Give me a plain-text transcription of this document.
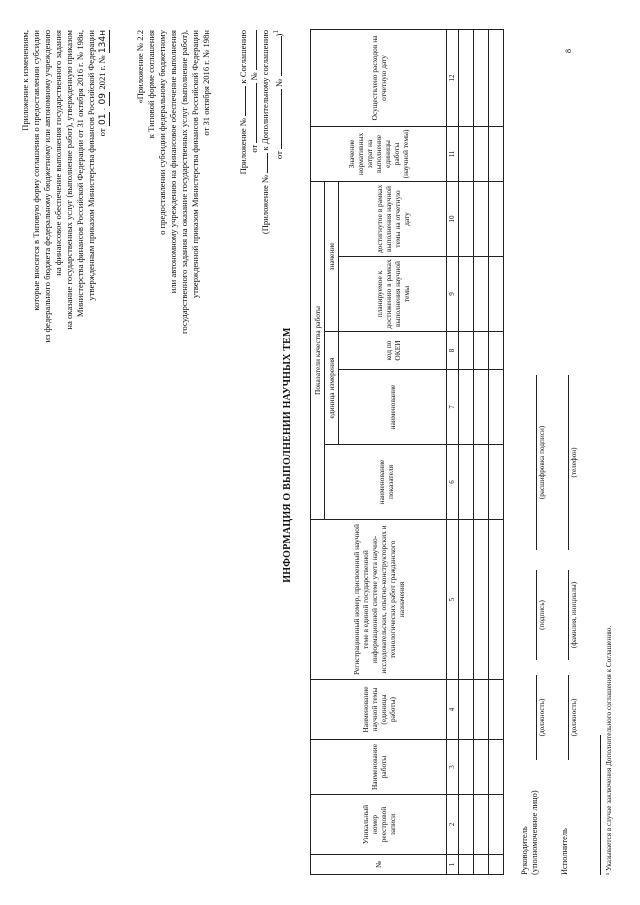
Приложение к изменениям, которые вносятся в Типовую форму соглашения о предоставлении субсидии из федерального бюджета федеральному бюджетному или автономному учреждению на финансовое обеспечение выполнения государственного задания на оказание государственных услуг (выполнение работ), утвержденную приказом Министерства финансов Российской Федерации от 31 октября 2016 г. № 198н, утвержденным приказом Министерства финансов Российской Федерации от 01 . 09 2021 г. № 134н	«Приложение № 2.2 к Типовой форме соглашения о предоставлении субсидии федеральному бюджетному или автономному учреждению на финансовое обеспечение выполнения государственного задания на оказание государственных услуг (выполнение работ), утвержденной приказом Министерства финансов Российской Федерации от 31 октября 2016 г. № 198н
Приложение №  к Соглашению
от  №
(Приложение №  к Дополнительному соглашению
от  № )$^1$
ИНФОРМАЦИЯ О ВЫПОЛНЕНИИ НАУЧНЫХ ТЕМ
№	Уникальный номер реестровой записи	Наименование работы	Наименование научной темы (единицы работы)	Регистрационный номер, присвоенный научной теме в единой государственной информационной системе учета научно-исследовательских, опытно-конструкторских и технологических работ гражданского назначения	Показатели качества работы					Значение нормативных затрат на выполнение единицы работы (научной темы)	Осуществлено расходов на отчетную дату
					наименование показателя	единица измерения		значение			
						наименование	код по ОКЕИ	планируемое к достижению в рамках выполнения научной темы	достигнутое в рамках выполнения научной темы на отчетную дату		
1	2	3	4	5	6	7	8	9	10	11	12

Руководитель (уполномоченное лицо)
(должность)
(подпись)
(расшифровка подписи)
Исполнитель
(должность)
(фамилия, инициалы)
(телефон)
¹ Указывается в случае заключения Дополнительного соглашения к Соглашению.
8
